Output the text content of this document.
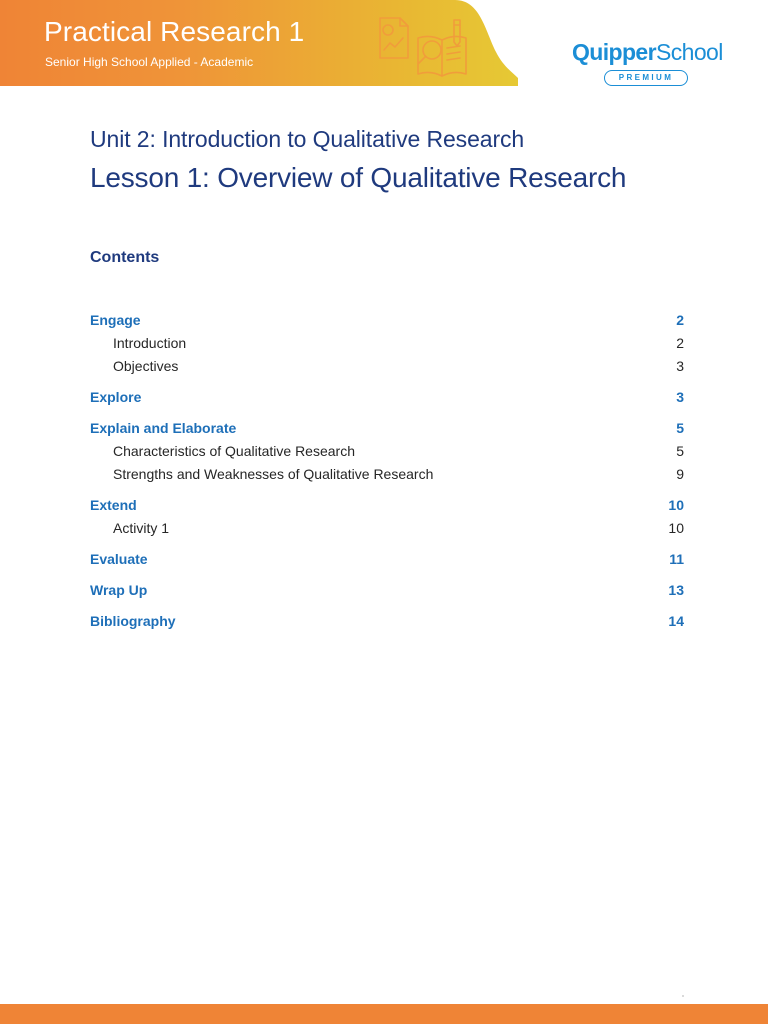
Practical Research 1
Senior High School Applied - Academic	QuipperSchool
PREMIUM
Unit 2: Introduction to Qualitative Research
Lesson 1: Overview of Qualitative Research
Contents
Engage	2
Introduction	2
Objectives	3
Explore	3
Explain and Elaborate	5
Characteristics of Qualitative Research	5
Strengths and Weaknesses of Qualitative Research	9
Extend	10
Activity 1	10
Evaluate	11
Wrap Up	13
Bibliography	14
